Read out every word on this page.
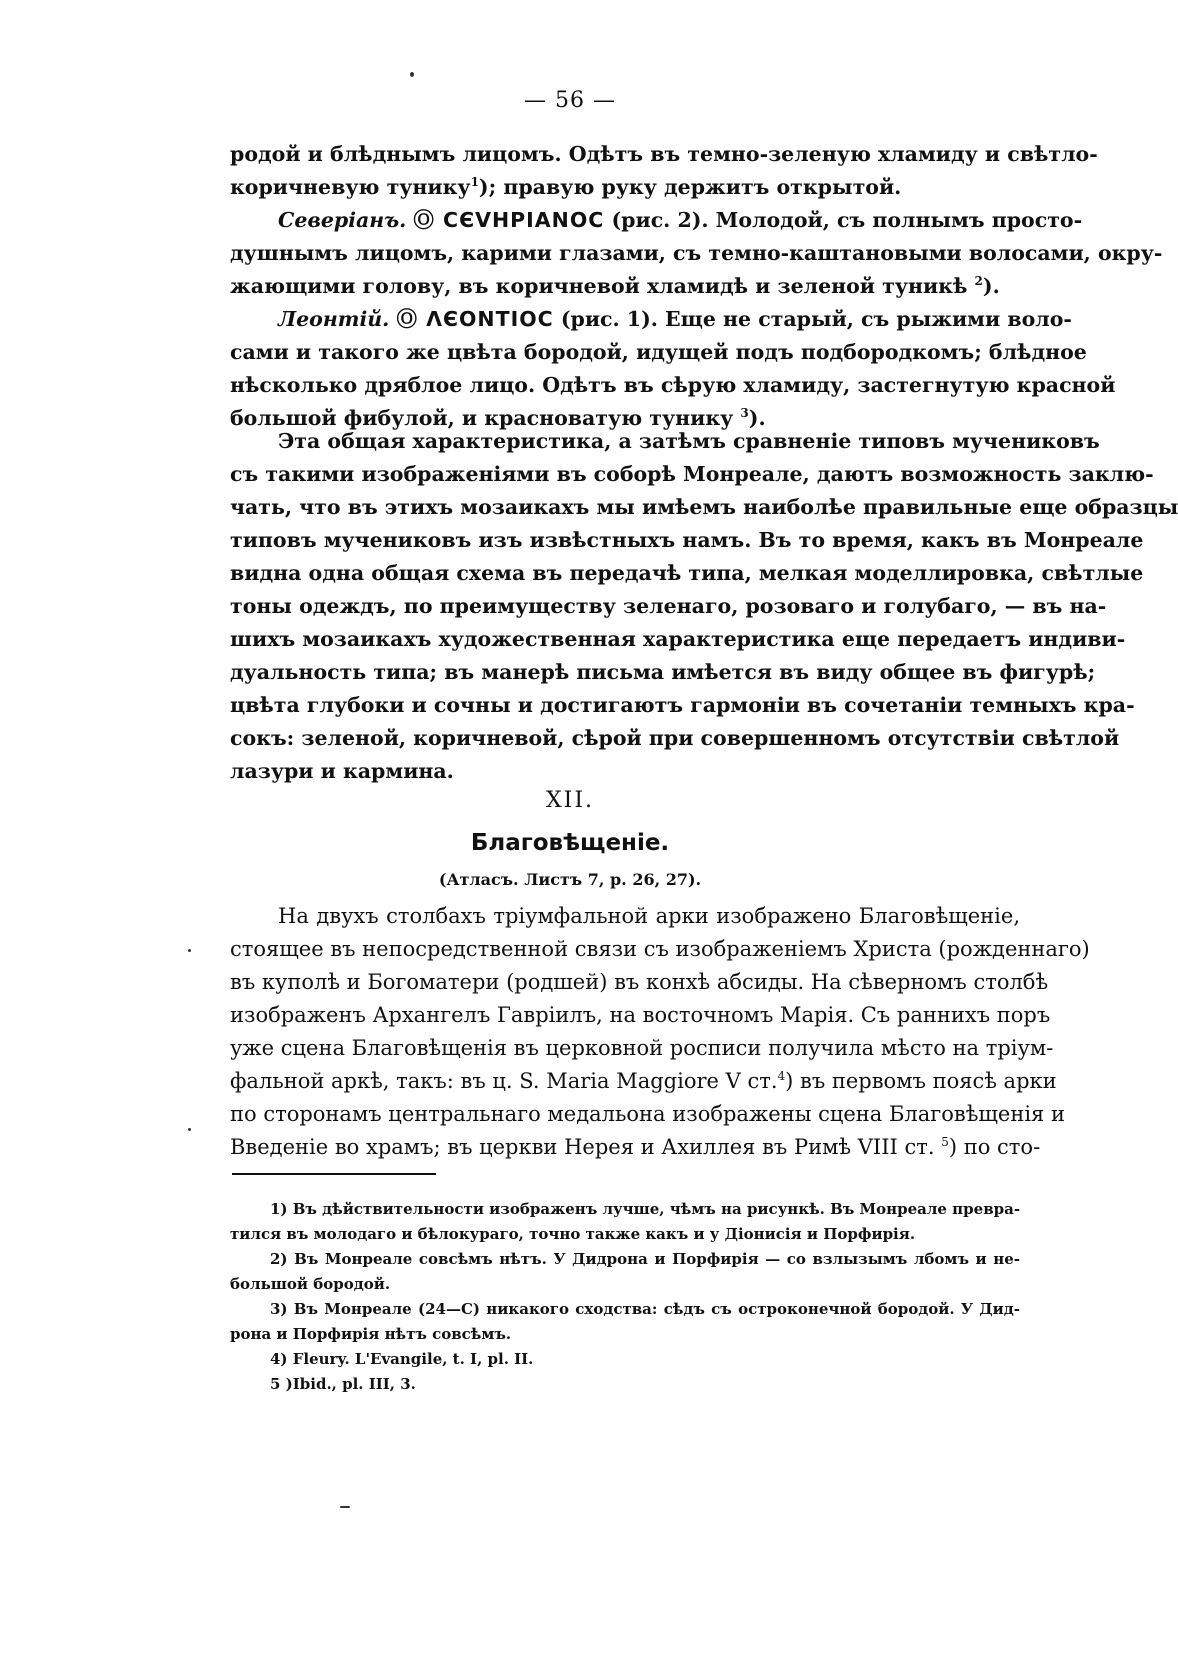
— 56 —
родой и блѣднымъ лицомъ. Одѣтъ въ темно-зеленую хламиду и свѣтло-
коричневую тунику$^1$); правую руку держитъ открытой.
Северіанъ. Ⓞ СЄVНРІАNОС (рис. 2). Молодой, съ полнымъ просто-
душнымъ лицомъ, карими глазами, съ темно-каштановыми волосами, окру-
жающими голову, въ коричневой хламидѣ и зеленой туникѣ $^2$).
Леонтій. Ⓞ ΛЄОΝΤΙΟС (рис. 1). Еще не старый, съ рыжими воло-
сами и такого же цвѣта бородой, идущей подъ подбородкомъ; блѣдное
нѣсколько дряблое лицо. Одѣтъ въ сѣрую хламиду, застегнутую красной
большой фибулой, и красноватую тунику $^3$).
Эта общая характеристика, а затѣмъ сравненіе типовъ мучениковъ
съ такими изображеніями въ соборѣ Монреале, даютъ возможность заклю-
чать, что въ этихъ мозаикахъ мы имѣемъ наиболѣе правильные еще образцы
типовъ мучениковъ изъ извѣстныхъ намъ. Въ то время, какъ въ Монреале
видна одна общая схема въ передачѣ типа, мелкая моделлировка, свѣтлые
тоны одеждъ, по преимуществу зеленаго, розоваго и голубаго, — въ на-
шихъ мозаикахъ художественная характеристика еще передаетъ индиви-
дуальность типа; въ манерѣ письма имѣется въ виду общее въ фигурѣ;
цвѣта глубоки и сочны и достигаютъ гармоніи въ сочетаніи темныхъ кра-
сокъ: зеленой, коричневой, сѣрой при совершенномъ отсутствіи свѣтлой
лазури и кармина.
XII.
Благовѣщеніе.
(Атласъ. Листъ 7, р. 26, 27).
На двухъ столбахъ тріумфальной арки изображено Благовѣщеніе,
стоящее въ непосредственной связи съ изображеніемъ Христа (рожденнаго)
въ куполѣ и Богоматери (родшей) въ конхѣ абсиды. На сѣверномъ столбѣ
изображенъ Архангелъ Гавріилъ, на восточномъ Марія. Съ раннихъ поръ
уже сцена Благовѣщенія въ церковной росписи получила мѣсто на тріум-
фальной аркѣ, такъ: въ ц. S. Maria Maggiore V ст.$^4$) въ первомъ поясѣ арки
по сторонамъ центральнаго медальона изображены сцена Благовѣщенія и
Введеніе во храмъ; въ церкви Нерея и Ахиллея въ Римѣ VIII ст. $^5$) по сто-
1) Въ дѣйствительности изображенъ лучше, чѣмъ на рисункѣ. Въ Монреале превра-
тился въ молодаго и бѣлокураго, точно также какъ и у Діонисія и Порфирія.
2) Въ Монреале совсѣмъ нѣтъ. У Дидрона и Порфирія — со взлызымъ лбомъ и не-
большой бородой.
3) Въ Монреале (24—С) никакого сходства: сѣдъ съ остроконечной бородой. У Дид-
рона и Порфирія нѣтъ совсѣмъ.
4) Fleury. L'Evangile, t. I, pl. II.
5 )Ibid., pl. III, 3.
